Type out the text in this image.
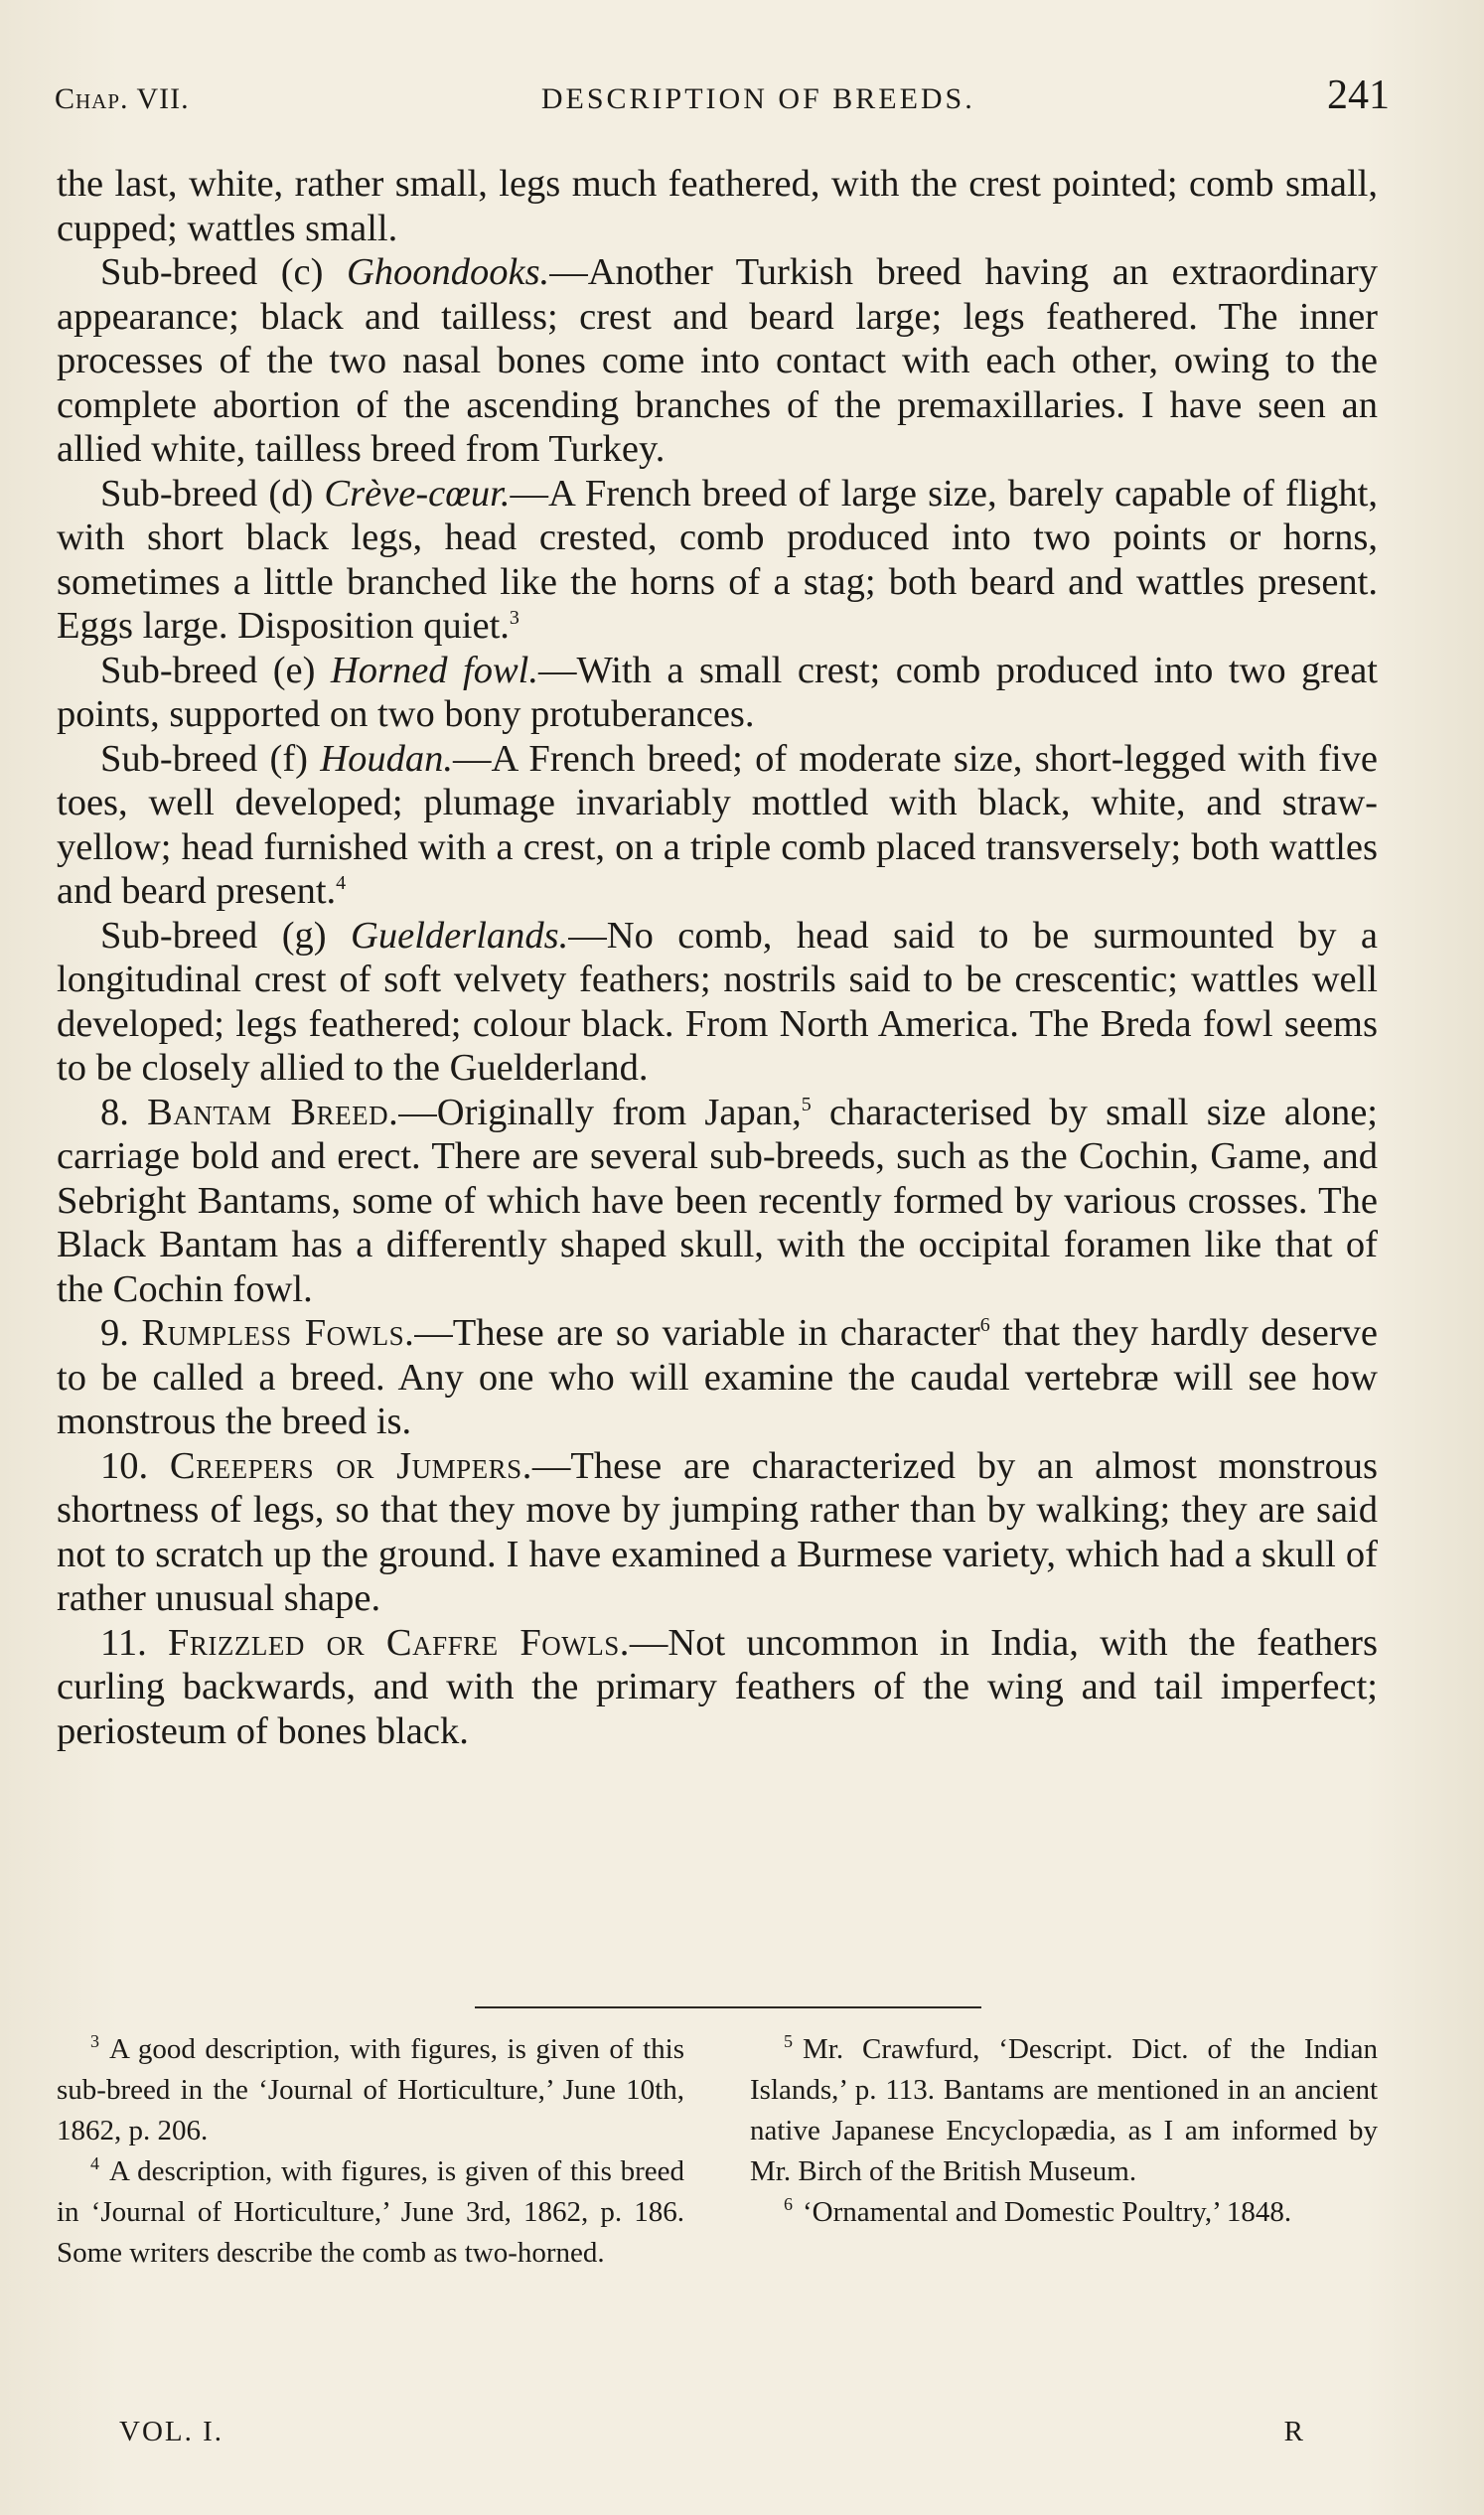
Chap. VII.	DESCRIPTION OF BREEDS.	241

the last, white, rather small, legs much feathered, with the crest pointed; comb small, cupped; wattles small.

Sub-breed (c) Ghoondooks.—Another Turkish breed having an extraordinary appearance; black and tailless; crest and beard large; legs feathered. The inner processes of the two nasal bones come into contact with each other, owing to the complete abortion of the ascending branches of the premaxillaries. I have seen an allied white, tailless breed from Turkey.

Sub-breed (d) Crève-cœur.—A French breed of large size, barely capable of flight, with short black legs, head crested, comb produced into two points or horns, sometimes a little branched like the horns of a stag; both beard and wattles present. Eggs large. Disposition quiet.$^3$

Sub-breed (e) Horned fowl.—With a small crest; comb produced into two great points, supported on two bony protuberances.

Sub-breed (f) Houdan.—A French breed; of moderate size, short-legged with five toes, well developed; plumage invariably mottled with black, white, and straw-yellow; head furnished with a crest, on a triple comb placed transversely; both wattles and beard present.$^4$

Sub-breed (g) Guelderlands.—No comb, head said to be surmounted by a longitudinal crest of soft velvety feathers; nostrils said to be crescentic; wattles well developed; legs feathered; colour black. From North America. The Breda fowl seems to be closely allied to the Guelderland.

8. Bantam Breed.—Originally from Japan,$^5$ characterised by small size alone; carriage bold and erect. There are several sub-breeds, such as the Cochin, Game, and Sebright Bantams, some of which have been recently formed by various crosses. The Black Bantam has a differently shaped skull, with the occipital foramen like that of the Cochin fowl.

9. Rumpless Fowls.—These are so variable in character$^6$ that they hardly deserve to be called a breed. Any one who will examine the caudal vertebræ will see how monstrous the breed is.

10. Creepers or Jumpers.—These are characterized by an almost monstrous shortness of legs, so that they move by jumping rather than by walking; they are said not to scratch up the ground. I have examined a Burmese variety, which had a skull of rather unusual shape.

11. Frizzled or Caffre Fowls.—Not uncommon in India, with the feathers curling backwards, and with the primary feathers of the wing and tail imperfect; periosteum of bones black.

$^3$ A good description, with figures, is given of this sub-breed in the ‘Journal of Horticulture,’ June 10th, 1862, p. 206.

$^4$ A description, with figures, is given of this breed in ‘Journal of Horticulture,’ June 3rd, 1862, p. 186. Some writers describe the comb as two-horned.

$^5$ Mr. Crawfurd, ‘Descript. Dict. of the Indian Islands,’ p. 113. Bantams are mentioned in an ancient native Japanese Encyclopædia, as I am informed by Mr. Birch of the British Museum.

$^6$ ‘Ornamental and Domestic Poultry,’ 1848.

VOL. I.	R
